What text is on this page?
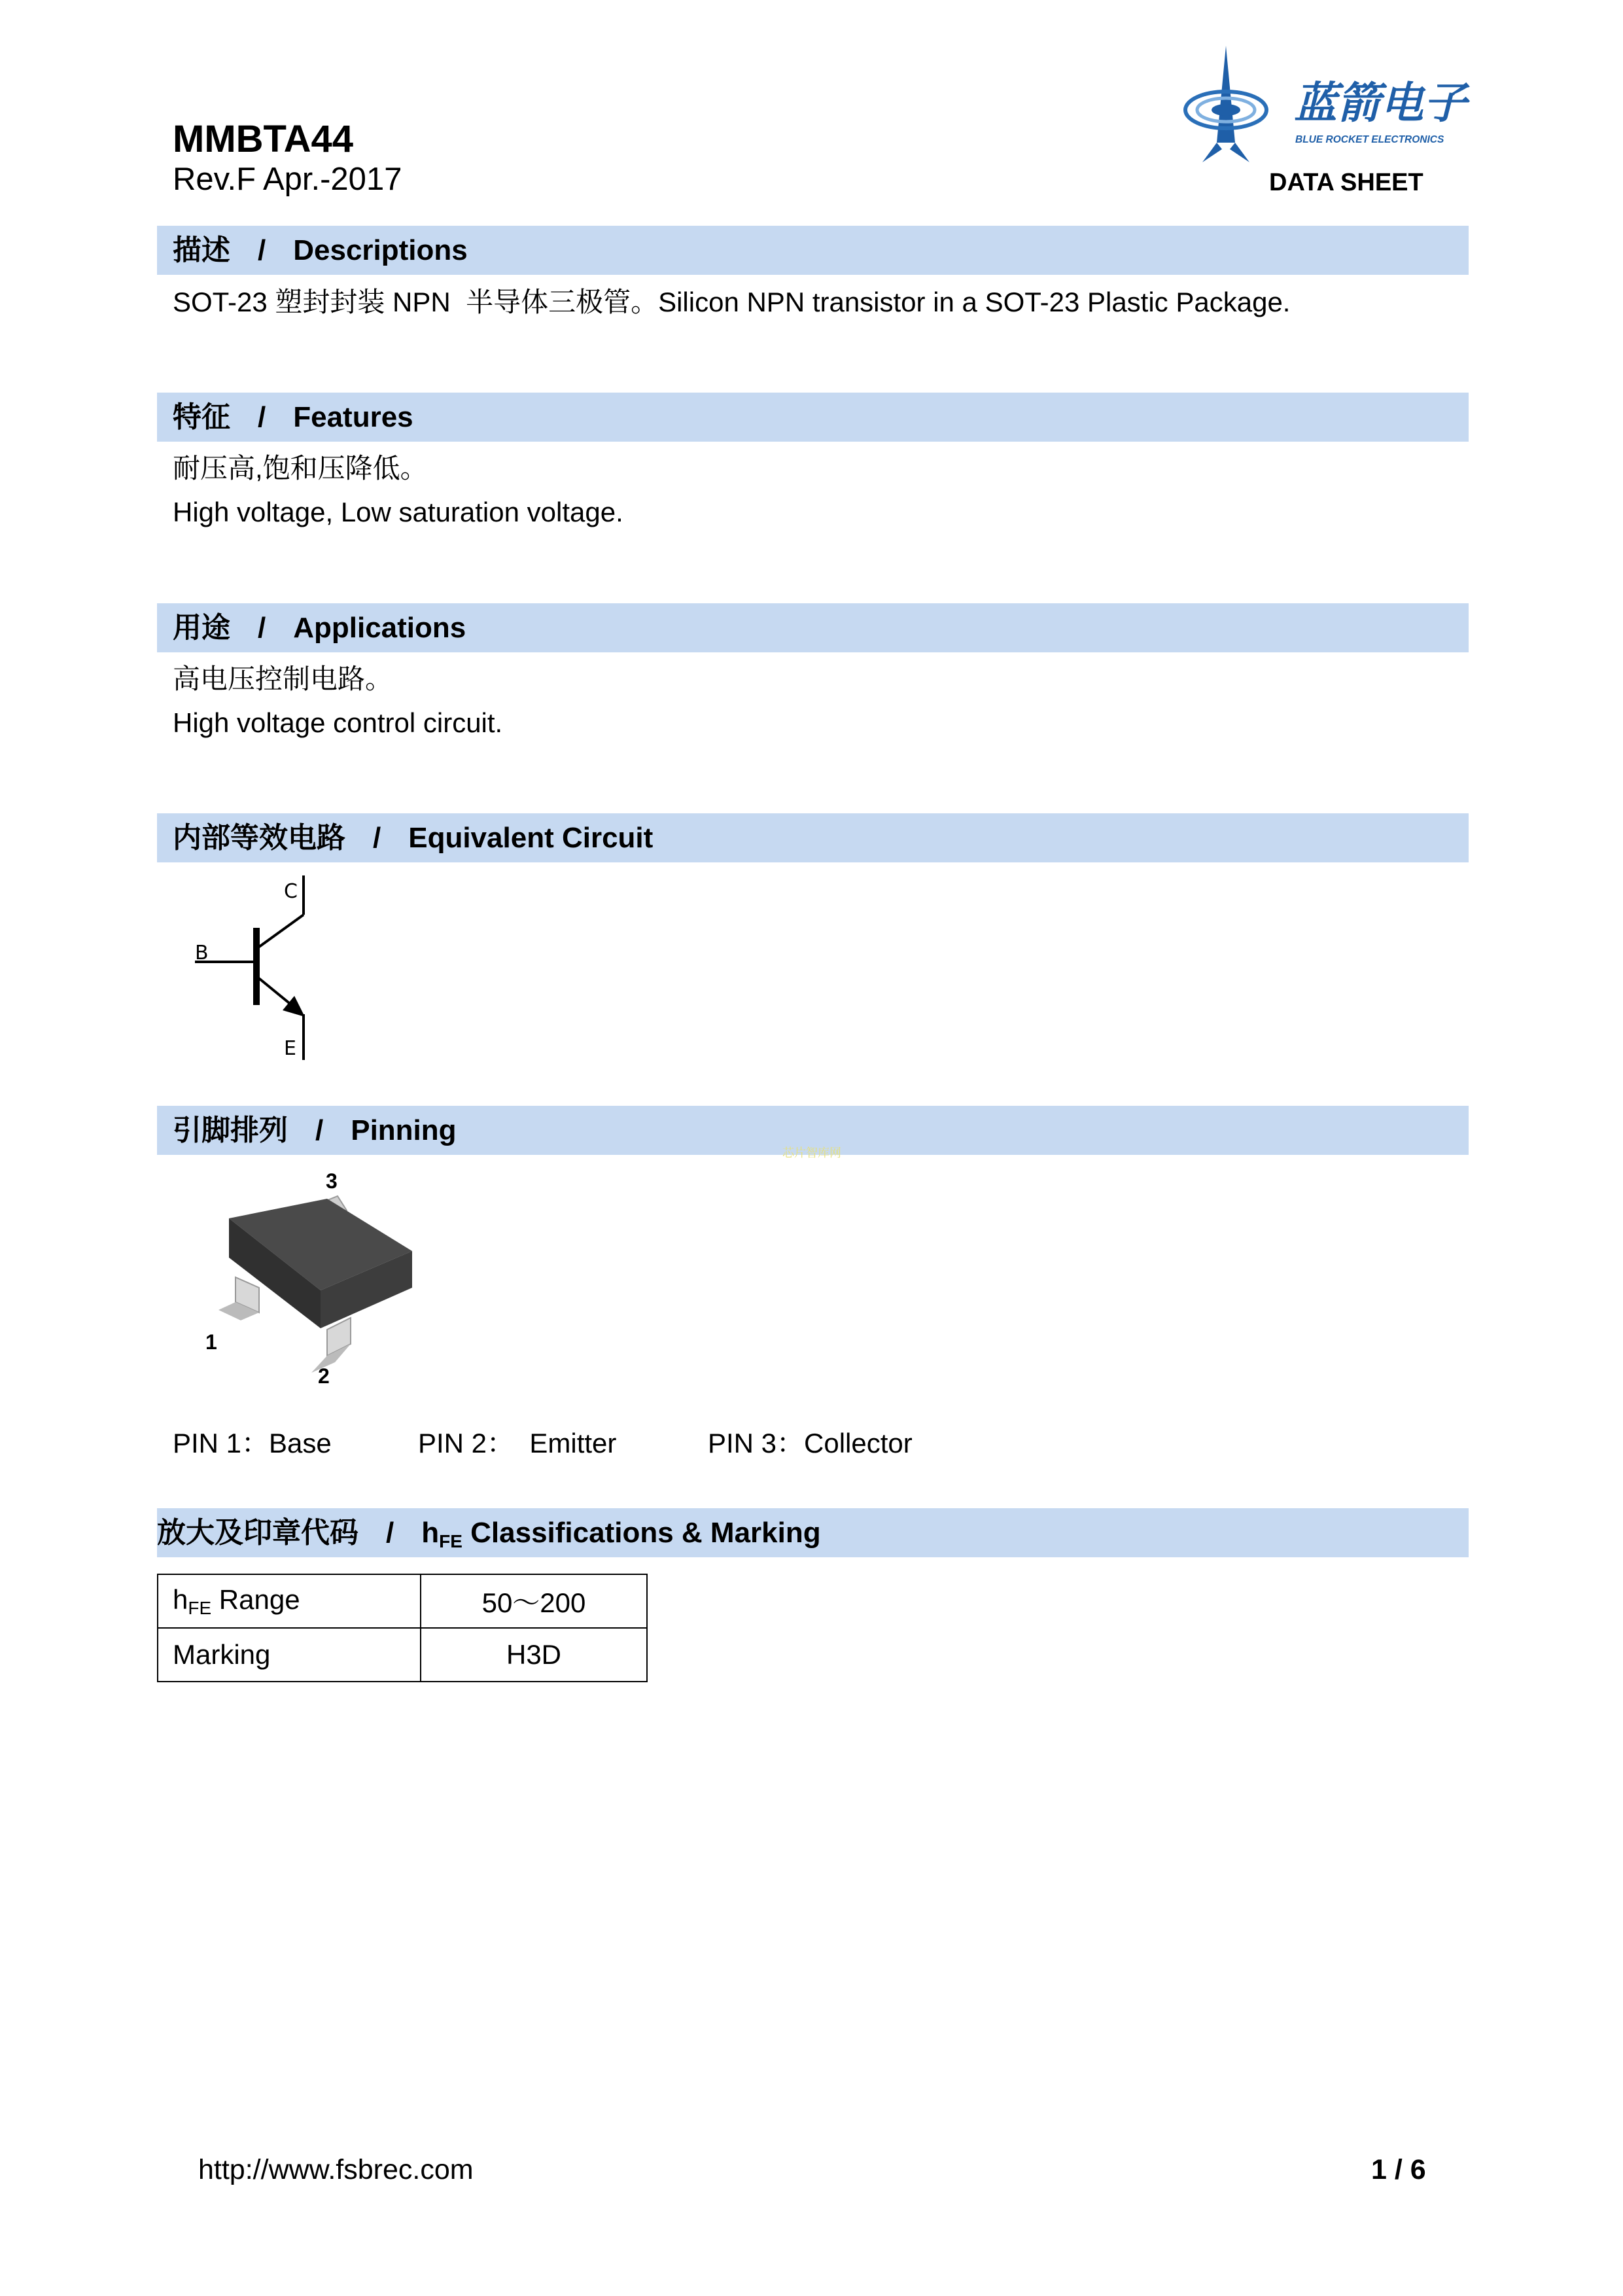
MMBTA44
Rev.F Apr.-2017	DATA SHEET
蓝箭电子
BLUE ROCKET ELECTRONICS
描述 / Descriptions
SOT-23 塑封封装 NPN  半导体三极管。Silicon NPN transistor in a SOT-23 Plastic Package.
特征 / Features
耐压高,饱和压降低。
High voltage, Low saturation voltage.
用途 / Applications
高电压控制电路。
High voltage control circuit.
内部等效电路 / Equivalent Circuit
C
B
E
引脚排列 / Pinning
芯片智库网
3
1
2
PIN 1：Base	PIN 2：  Emitter	PIN 3：Collector
放大及印章代码 / $h_{FE}$ Classifications & Marking
$h_{FE}$ Range	50～200
Marking	H3D
http://www.fsbrec.com	1 / 6
